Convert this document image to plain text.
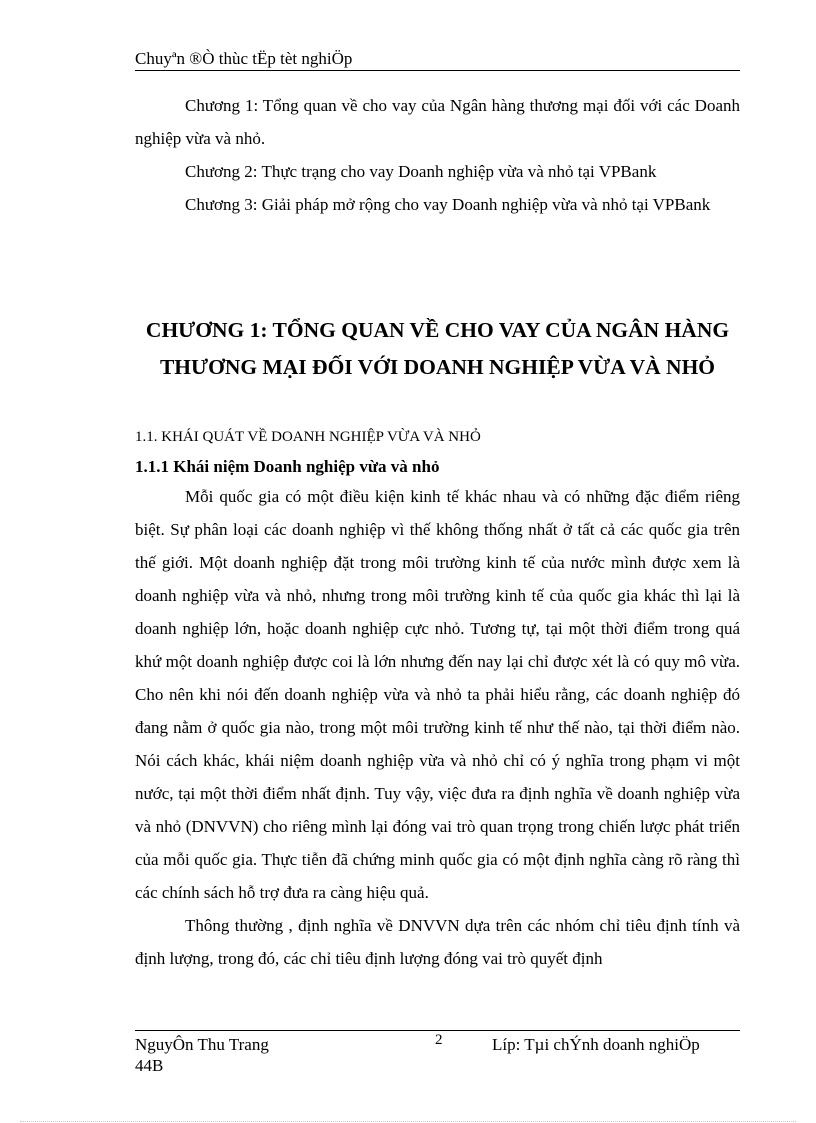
Chuyªn ®Ò thùc tËp tèt nghiÖp

Chương 1: Tổng quan về cho vay của Ngân hàng thương mại đối với các Doanh nghiệp vừa và nhỏ.

Chương 2: Thực trạng cho vay Doanh nghiệp vừa và nhỏ tại VPBank

Chương 3: Giải pháp mở rộng cho vay Doanh nghiệp vừa và nhỏ tại VPBank

CHƯƠNG 1: TỔNG QUAN VỀ CHO VAY CỦA NGÂN HÀNG
THƯƠNG MẠI ĐỐI VỚI DOANH NGHIỆP VỪA VÀ NHỎ
1.1. KHÁI QUÁT VỀ DOANH NGHIỆP VỪA VÀ NHỎ
1.1.1 Khái niệm Doanh nghiệp vừa và nhỏ

Mỗi quốc gia có một điều kiện kinh tế khác nhau và có những đặc điểm riêng biệt. Sự phân loại các doanh nghiệp vì thế không thống nhất ở tất cả các quốc gia trên thế giới. Một doanh nghiệp đặt trong môi trường kinh tế của nước mình được xem là doanh nghiệp vừa và nhỏ, nhưng trong môi trường kinh tế của quốc gia khác thì lại là doanh nghiệp lớn, hoặc doanh nghiệp cực nhỏ. Tương tự, tại một thời điểm trong quá khứ một doanh nghiệp được coi là lớn nhưng đến nay lại chỉ được xét là có quy mô vừa. Cho nên khi nói đến doanh nghiệp vừa và nhỏ ta phải hiểu rằng, các doanh nghiệp đó đang nằm ở quốc gia nào, trong một môi trường kinh tế như thế nào, tại thời điểm nào. Nói cách khác, khái niệm doanh nghiệp vừa và nhỏ chỉ có ý nghĩa trong phạm vi một nước, tại một thời điểm nhất định. Tuy vậy, việc đưa ra định nghĩa về doanh nghiệp vừa và nhỏ (DNVVN) cho riêng mình lại đóng vai trò quan trọng trong chiến lược phát triển của mỗi quốc gia. Thực tiễn đã chứng minh quốc gia có một định nghĩa càng rõ ràng thì các chính sách hỗ trợ đưa ra càng hiệu quả.

Thông thường , định nghĩa về DNVVN dựa trên các nhóm chỉ tiêu định tính và định lượng, trong đó, các chỉ tiêu định lượng đóng vai trò quyết định

NguyÔn Thu Trang
44B
2	Líp: Tµi chÝnh doanh nghiÖp
